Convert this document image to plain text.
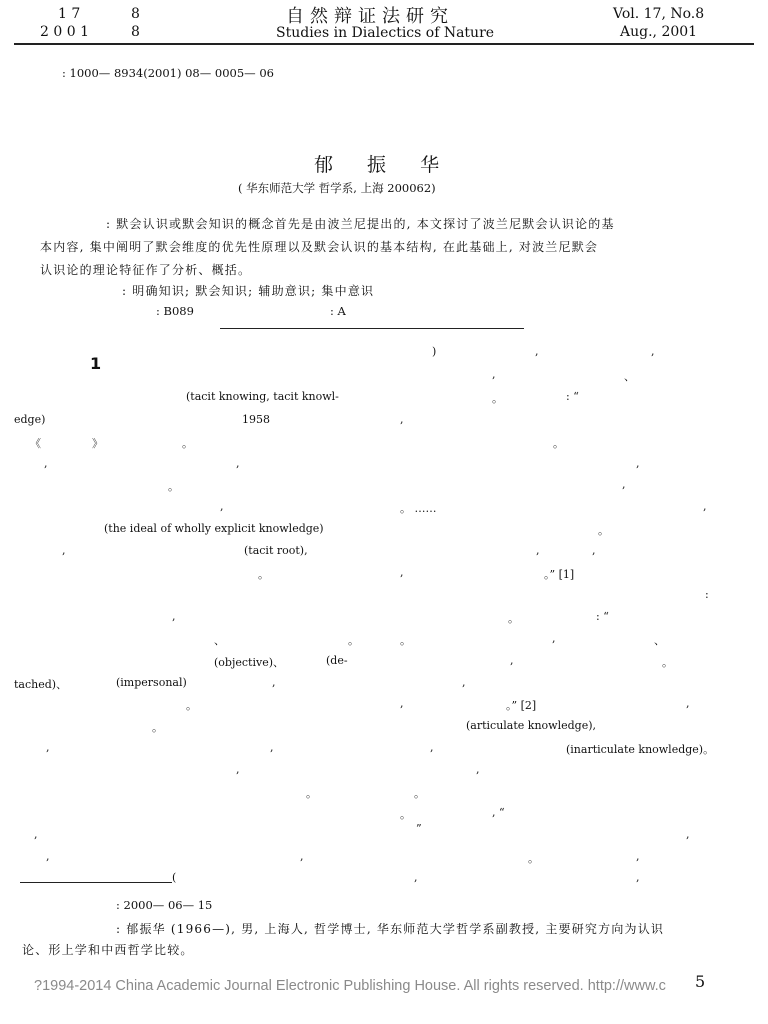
1 7	8
2 0 0 1	8
自然辩证法研究
Studies in Dialectics of Nature
Vol. 17, No.8
Aug., 2001
: 1000— 8934(2001) 08— 0005— 06
郁 振 华
( 华东师范大学 哲学系, 上海 200062)
: 默会认识或默会知识的概念首先是由波兰尼提出的, 本文探讨了波兰尼默会认识论的基
本内容, 集中阐明了默会维度的优先性原理以及默会认识的基本结构, 在此基础上, 对波兰尼默会
认识论的理论特征作了分析、概括。
: 明确知识; 默会知识; 辅助意识; 集中意识
: B089	: A
1
)	,	,
,	、
(tacit knowing, tacit knowl-	。	: “
edge)	1958	,
《	》	。	。
,	,	,
。	,
,	。 ……	,
(the ideal of wholly explicit knowledge)	。
,	(tacit root),	,	,
。	,	。” [1]
:
,	。	: “
、	。	。	,	、
(objective)、	(de-	,	。
tached)、	(impersonal)	,	,
。	,	。” [2]	,
。	(articulate knowledge),
,	,	,	(inarticulate knowledge)。
,	,
。	。
。	, “
,	”	,
,	,	。	,
(	,	,
: 2000— 06— 15
: 郁振华 (1966—), 男, 上海人, 哲学博士, 华东师范大学哲学系副教授, 主要研究方向为认识
论、形上学和中西哲学比较。
5
?1994-2014 China Academic Journal Electronic Publishing House. All rights reserved. http://www.c
